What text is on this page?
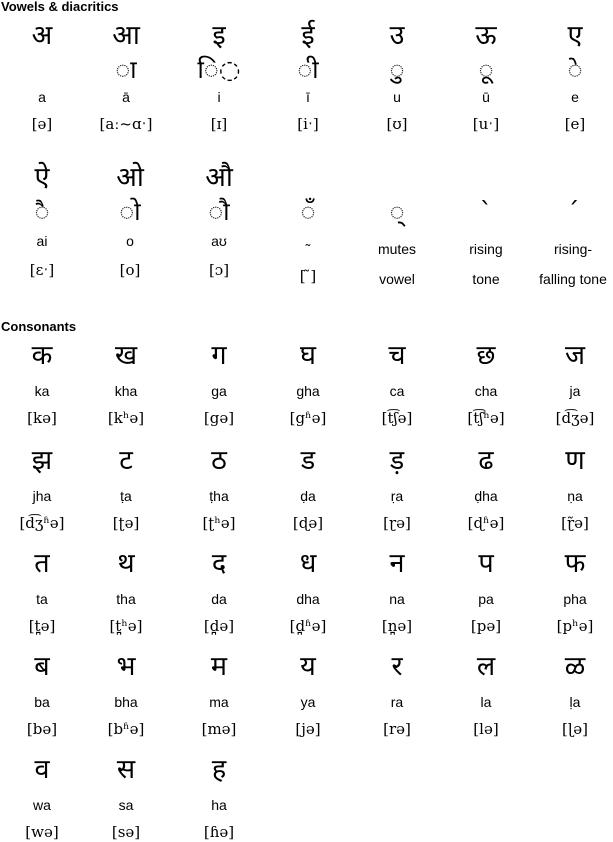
Vowels & diacritics
अ
a
[ə]
आ
◌ा
ā
[aː~ɑˑ]
इ
ि◌
i
[ɪ]
ई
◌ी
ī
[iˑ]
उ
◌ु
u
[ʊ]
ऊ
◌ू
ū
[uˑ]
ए
◌े
e
[e]
ऐ
◌ै
ai
[ɛˑ]
ओ
◌ो
o
[o]
औ
◌ौ
aʊ
[ɔ]
◌ँ
˜
[ ̃]
◌्
mutes
vowel
`
rising
tone
´
rising-
falling tone
Consonants
क
ka
[kə]
ख
kha
[kʰə]
ग
ga
[gə]
घ
gha
[gʱə]
च
ca
[t͡ʃə]
छ
cha
[t͡ʃʰə]
ज
ja
[d͡ʒə]
झ
jha
[d͡ʒʱə]
ट
ṭa
[ʈə]
ठ
ṭha
[ʈʰə]
ड
ḍa
[ɖə]
ड़
ṛa
[ɽə]
ढ
ḍha
[ɖʱə]
ण
ṇa
[ɽ̃ə]
त
ta
[t̪ə]
थ
tha
[t̪ʰə]
द
da
[d̪ə]
ध
dha
[d̪ʱə]
न
na
[n̪ə]
प
pa
[pə]
फ
pha
[pʰə]
ब
ba
[bə]
भ
bha
[bʱə]
म
ma
[mə]
य
ya
[jə]
र
ra
[rə]
ल
la
[lə]
ळ
ḷa
[ɭə]
व
wa
[wə]
स
sa
[sə]
ह
ha
[ɦə]
